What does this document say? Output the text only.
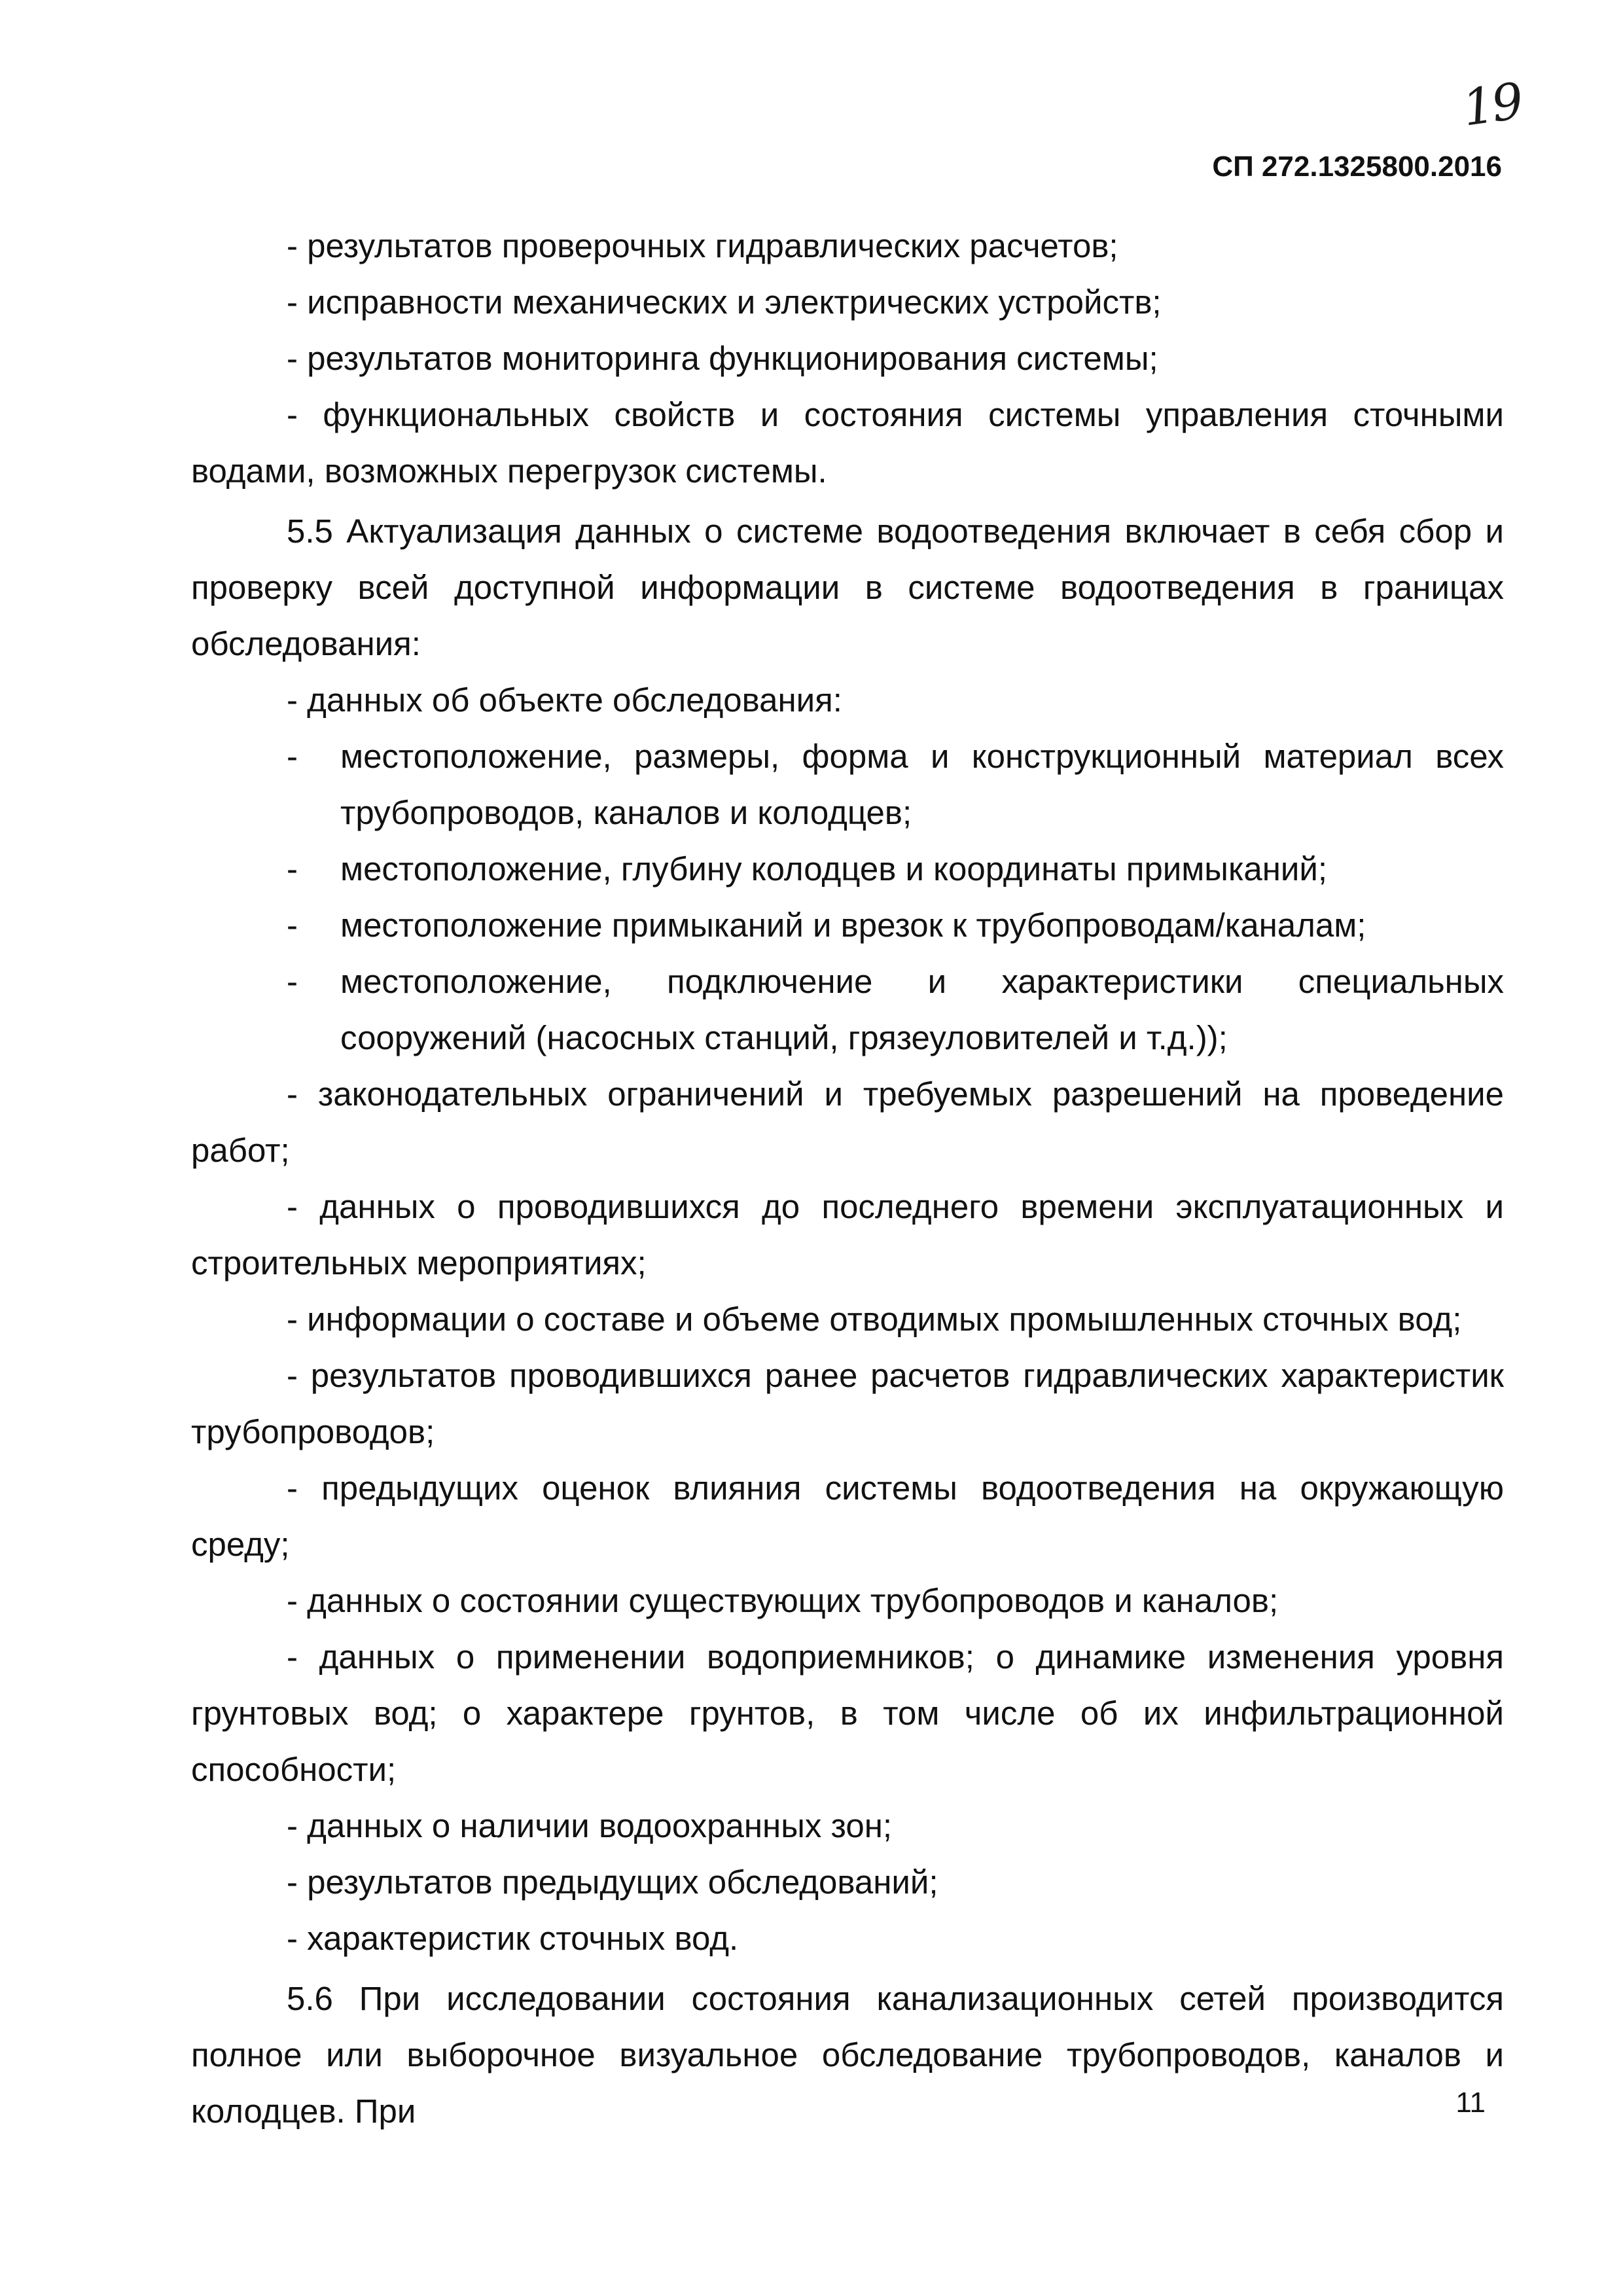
19
СП 272.1325800.2016

- результатов проверочных гидравлических расчетов;

- исправности механических и электрических устройств;

- результатов мониторинга функционирования системы;

- функциональных свойств и состояния системы управления сточными водами, возможных перегрузок системы.

5.5 Актуализация данных о системе водоотведения включает в себя сбор и проверку всей доступной информации в системе водоотведения в границах обследования:

- данных об объекте обследования:

- местоположение, размеры, форма и конструкционный материал всех трубопроводов, каналов и колодцев;

- местоположение, глубину колодцев и координаты примыканий;

- местоположение примыканий и врезок к трубопроводам/каналам;

- местоположение, подключение и характеристики специальных сооружений (насосных станций, грязеуловителей и т.д.));

- законодательных ограничений и требуемых разрешений на проведение работ;

- данных о проводившихся до последнего времени эксплуатационных и строительных мероприятиях;

- информации о составе и объеме отводимых промышленных сточных вод;

- результатов проводившихся ранее расчетов гидравлических характеристик трубопроводов;

- предыдущих оценок влияния системы водоотведения на окружающую среду;

- данных о состоянии существующих трубопроводов и каналов;

- данных о применении водоприемников; о динамике изменения уровня грунтовых вод; о характере грунтов, в том числе об их инфильтрационной способности;

- данных о наличии водоохранных зон;

- результатов предыдущих обследований;

- характеристик сточных вод.

5.6 При исследовании состояния канализационных сетей производится полное или выборочное визуальное обследование трубопроводов, каналов и колодцев. При	11
